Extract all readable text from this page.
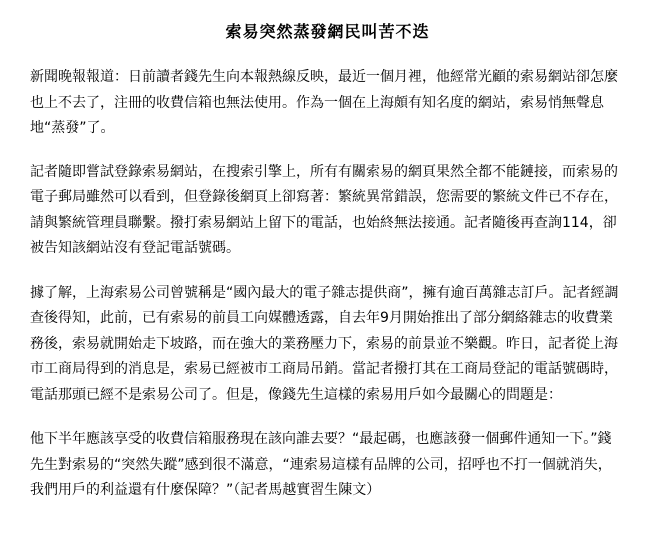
索易突然蒸發網民叫苦不迭

新聞晚報報道：日前讀者錢先生向本報熱線反映，最近一個月裡，他經常光顧的索易網站卻怎麼也上不去了，注冊的收費信箱也無法使用。作為一個在上海頗有知名度的網站，索易悄無聲息地“蒸發”了。

記者隨即嘗試登錄索易網站，在搜索引擎上，所有有關索易的網頁果然全都不能鏈接，而索易的電子郵局雖然可以看到，但登錄後網頁上卻寫著：繁統異常錯誤，您需要的繁統文件已不存在，請與繁統管理員聯繫。撥打索易網站上留下的電話，也始終無法接通。記者隨後再查詢114，卻被告知該網站沒有登記電話號碼。

據了解，上海索易公司曾號稱是“國內最大的電子雜志提供商”，擁有逾百萬雜志訂戶。記者經調查後得知，此前，已有索易的前員工向媒體透露，自去年9月開始推出了部分網絡雜志的收費業務後，索易就開始走下坡路，而在強大的業務壓力下，索易的前景並不樂觀。昨日，記者從上海市工商局得到的消息是，索易已經被市工商局吊銷。當記者撥打其在工商局登記的電話號碼時，電話那頭已經不是索易公司了。但是，像錢先生這樣的索易用戶如今最關心的問題是：

他下半年應該享受的收費信箱服務現在該向誰去要？“最起碼，也應該發一個郵件通知一下。”錢先生對索易的“突然失蹤”感到很不滿意，“連索易這樣有品牌的公司，招呼也不打一個就消失，我們用戶的利益還有什麼保障？”（記者馬越實習生陳文）
